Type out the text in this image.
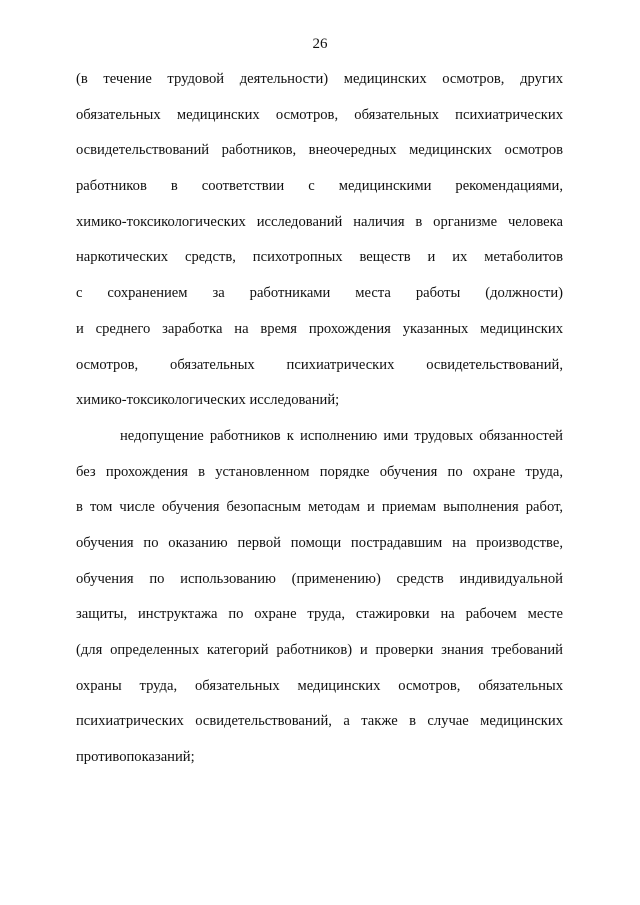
26
(в течение трудовой деятельности) медицинских осмотров, других
обязательных медицинских осмотров, обязательных психиатрических
освидетельствований работников, внеочередных медицинских осмотров
работников в соответствии с медицинскими рекомендациями,
химико-токсикологических исследований наличия в организме человека
наркотических средств, психотропных веществ и их метаболитов
с сохранением за работниками места работы (должности)
и среднего заработка на время прохождения указанных медицинских
осмотров, обязательных психиатрических освидетельствований,
химико-токсикологических исследований;
недопущение работников к исполнению ими трудовых обязанностей
без прохождения в установленном порядке обучения по охране труда,
в том числе обучения безопасным методам и приемам выполнения работ,
обучения по оказанию первой помощи пострадавшим на производстве,
обучения по использованию (применению) средств индивидуальной
защиты, инструктажа по охране труда, стажировки на рабочем месте
(для определенных категорий работников) и проверки знания требований
охраны труда, обязательных медицинских осмотров, обязательных
психиатрических освидетельствований, а также в случае медицинских
противопоказаний;
